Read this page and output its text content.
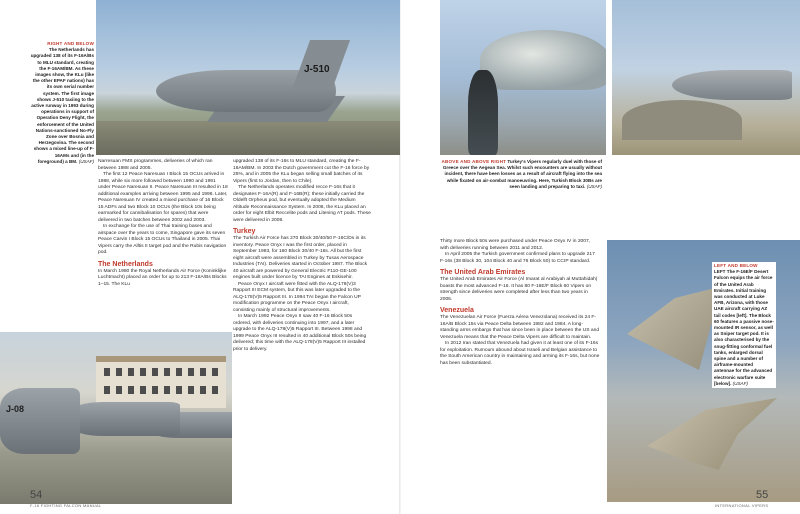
RIGHT AND BELOW
The Netherlands has upgraded 138 of its F-16A/Bs to MLU standard, creating the F-16AM/BM. As these images show, the KLu (like the other EPAF nations) has its own serial number system. The first image shows J-510 taxiing to the active runway in 1993 during operations in support of Operation Deny Flight, the enforcement of the United Nations-sanctioned No-Fly Zone over Bosnia and Herzegovina. The second shows a mixed line-up of F-16AMs and (in the foreground) a BM. (USAF)
J-510

Narresuan FMS programmes, deliveries of which ran between 1988 and 2005.

The first 12 Peace Naresuan I Block 15 OCUs arrived in 1988, while six more followed between 1990 and 1991 under Peace Naresuan II. Peace Naresuan III resulted in 18 additional examples arriving between 1995 and 1996. Later, Peace Naresuan IV created a mixed purchase of 16 Block 15 ADFs and two Block 10 OCUs (the Block 10s being earmarked for cannibalisation for spares) that were delivered in two batches between 2002 and 2003.

In exchange for the use of Thai training bases and airspace over the years to come, Singapore gave its seven Peace Carvin I Block 15 OCUs to Thailand in 2005. Thai Vipers carry the Alltis II target pod and the Rubis navigation pod.

The Netherlands

In March 1980 the Royal Netherlands Air Force (Koninklijke Luchtmacht) placed an order for up to 213 F-16A/Bs Blocks 1–15. The KLu

upgraded 138 of its F-16s to MLU standard, creating the F-16AM/BM. In 2003 the Dutch government cut the F-16 force by 25%, and in 2005 the KLu began selling small batches of its Vipers (first to Jordan, then to Chile).

The Netherlands operates modified recce F-16s that it designates F-16A(R) and F-16B(R); these initially carried the Oldelft Orpheus pod, but eventually adopted the Medium Altitude Reconnaissance System. In 2006, the KLu placed an order for eight Elbit Reccelite pods and Litening AT pods. These were delivered in 2008.

Turkey

The Turkish Air Force has 270 Block 30/40/50 F-16C/Ds in its inventory. Peace Onyx I was the first order, placed in September 1983, for 160 Block 30/40 F-16s. All but the first eight aircraft were assembled in Turkey by Tusas Aerospace Industries (TAI). Deliveries started in October 1987. The Block 40 aircraft are powered by General Electric F110-GE-100 engines built under licence by TAI Engines at Eskisehir.

Peace Onyx I aircraft were fitted with the ALQ-178(V)3 Rapport III ECM system, but this was later upgraded to the ALQ-178(V)5 Rapport III. In 1994 TAI began the Falcon UP modification programme on the Peace Onyx I aircraft, consisting mainly of structural improvements.

In March 1992 Peace Onyx II saw 40 F-16 Block 50s ordered, with deliveries continuing into 1997, and a later upgrade to the ALQ-178(V)5 Rapport III. Between 1998 and 1999 Peace Onyx III resulted in 40 additional Block 50s being delivered; this time with the ALQ-178(V)5 Rapport III installed prior to delivery.

J-08
54
F-16 FIGHTING FALCON MANUAL
ABOVE AND ABOVE RIGHT Turkey's Vipers regularly duel with those of Greece over the Aegean Sea. Whilst such encounters are usually without incident, there have been losses as a result of aircraft flying into the sea while fixated on air-combat manoeuvring. Here, Turkish Block 30Bs are seen landing and preparing to taxi. (USAF)

Thirty more Block 50s were purchased under Peace Onyx IV in 2007, with deliveries running between 2011 and 2012.

In April 2005 the Turkish government confirmed plans to upgrade 217 F-16s (38 Block 30, 104 Block 40 and 76 Block 50) to CCIP standard.

The United Arab Emirates

The United Arab Emirates Air Force (Al Imarat al Arabiyah al Muttahidah) boasts the most advanced F-16. It has 80 F-16E/F Block 60 Vipers on strength since deliveries were completed after less than two years in 2006.

Venezuela

The Venezuelan Air Force (Fuerza Aérea Venezolana) received its 24 F-16A/B Block 15s via Peace Delta between 1982 and 1984. A long-standing arms embargo that has since been in place between the US and Venezuela means that the Peace Delta Vipers are difficult to maintain.

In 2012 Iran stated that Venezuela had given it at least one of its F-16s for exploitation. Rumours abound about Israeli and Belgian assistance to the South American country in maintaining and arming its F-16s, but none has been substantiated.

LEFT AND BELOW
LEFT The F-16E/F Desert Falcon equips the air force of the United Arab Emirates. Initial training was conducted at Luke AFB, Arizona, with those UAE aircraft carrying AZ tail codes [left]. The Block 60 features a passive nose-mounted IR sensor, as well as Sniper target pod. It is also characterised by the snug-fitting conformal fuel tanks, enlarged dorsal spine and a number of airframe-mounted antennae for the advanced electronic warfare suite [below]. (USAF)
55
INTERNATIONAL VIPERS
